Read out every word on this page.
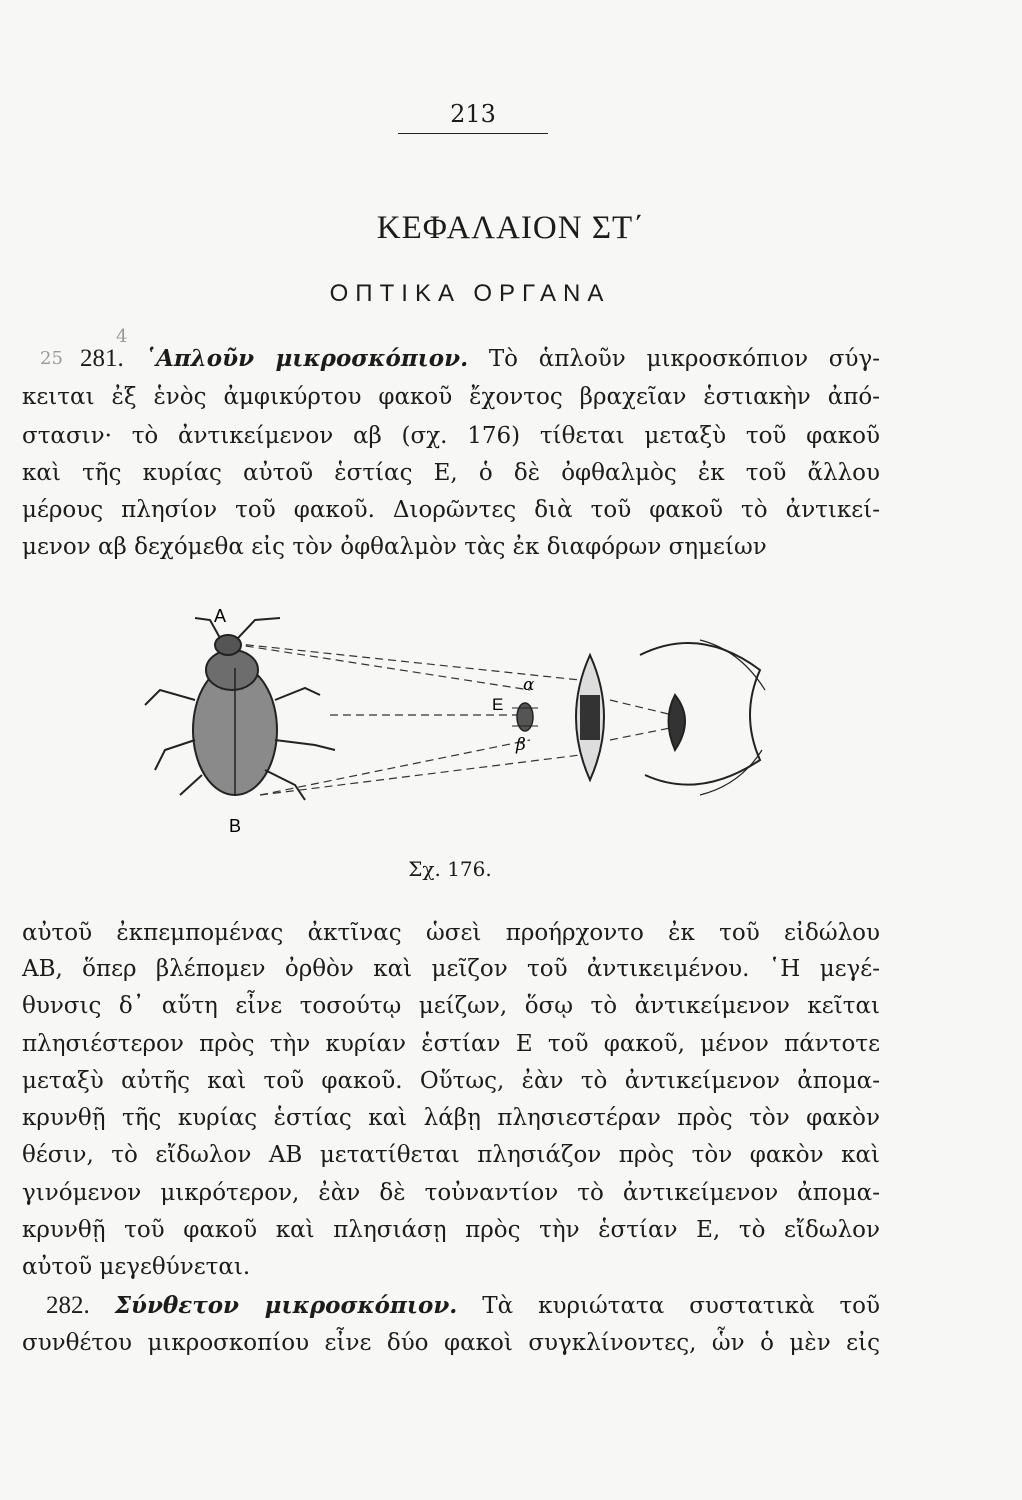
213
ΚΕΦΑΛΑΙΟΝ ΣΤ΄
ΟΠΤΙΚΑ ΟΡΓΑΝΑ
25
4
281. ῾Απλοῦν μικροσκόπιον. Τὸ ἁπλοῦν μικροσκόπιον σύγ-
κειται ἐξ ἑνὸς ἀμφικύρτου φακοῦ ἔχοντος βραχεῖαν ἑστιακὴν ἀπό-
στασιν· τὸ ἀντικείμενον αβ (σχ. 176) τίθεται μεταξὺ τοῦ φακοῦ
καὶ τῆς κυρίας αὐτοῦ ἑστίας Ε, ὁ δὲ ὀφθαλμὸς ἐκ τοῦ ἄλλου
μέρους πλησίον τοῦ φακοῦ. Διορῶντες διὰ τοῦ φακοῦ τὸ ἀντικεί-
μενον αβ δεχόμεθα εἰς τὸν ὀφθαλμὸν τὰς ἐκ διαφόρων σημείων
Α
Β
Ε
α
β
Σχ. 176.
αὐτοῦ ἐκπεμπομένας ἀκτῖνας ὡσεὶ προήρχοντο ἐκ τοῦ εἰδώλου
ΑΒ, ὅπερ βλέπομεν ὀρθὸν καὶ μεῖζον τοῦ ἀντικειμένου. ῾Η μεγέ-
θυνσις δ᾽ αὕτη εἶνε τοσούτῳ μείζων, ὅσῳ τὸ ἀντικείμενον κεῖται
πλησιέστερον πρὸς τὴν κυρίαν ἑστίαν Ε τοῦ φακοῦ, μένον πάντοτε
μεταξὺ αὐτῆς καὶ τοῦ φακοῦ. Οὕτως, ἐὰν τὸ ἀντικείμενον ἀπομα-
κρυνθῇ τῆς κυρίας ἑστίας καὶ λάβῃ πλησιεστέραν πρὸς τὸν φακὸν
θέσιν, τὸ εἴδωλον ΑΒ μετατίθεται πλησιάζον πρὸς τὸν φακὸν καὶ
γινόμενον μικρότερον, ἐὰν δὲ τοὐναντίον τὸ ἀντικείμενον ἀπομα-
κρυνθῇ τοῦ φακοῦ καὶ πλησιάσῃ πρὸς τὴν ἑστίαν Ε, τὸ εἴδωλον
αὐτοῦ μεγεθύνεται.
282. Σύνθετον μικροσκόπιον. Τὰ κυριώτατα συστατικὰ τοῦ
συνθέτου μικροσκοπίου εἶνε δύο φακοὶ συγκλίνοντες, ὧν ὁ μὲν εἰς
